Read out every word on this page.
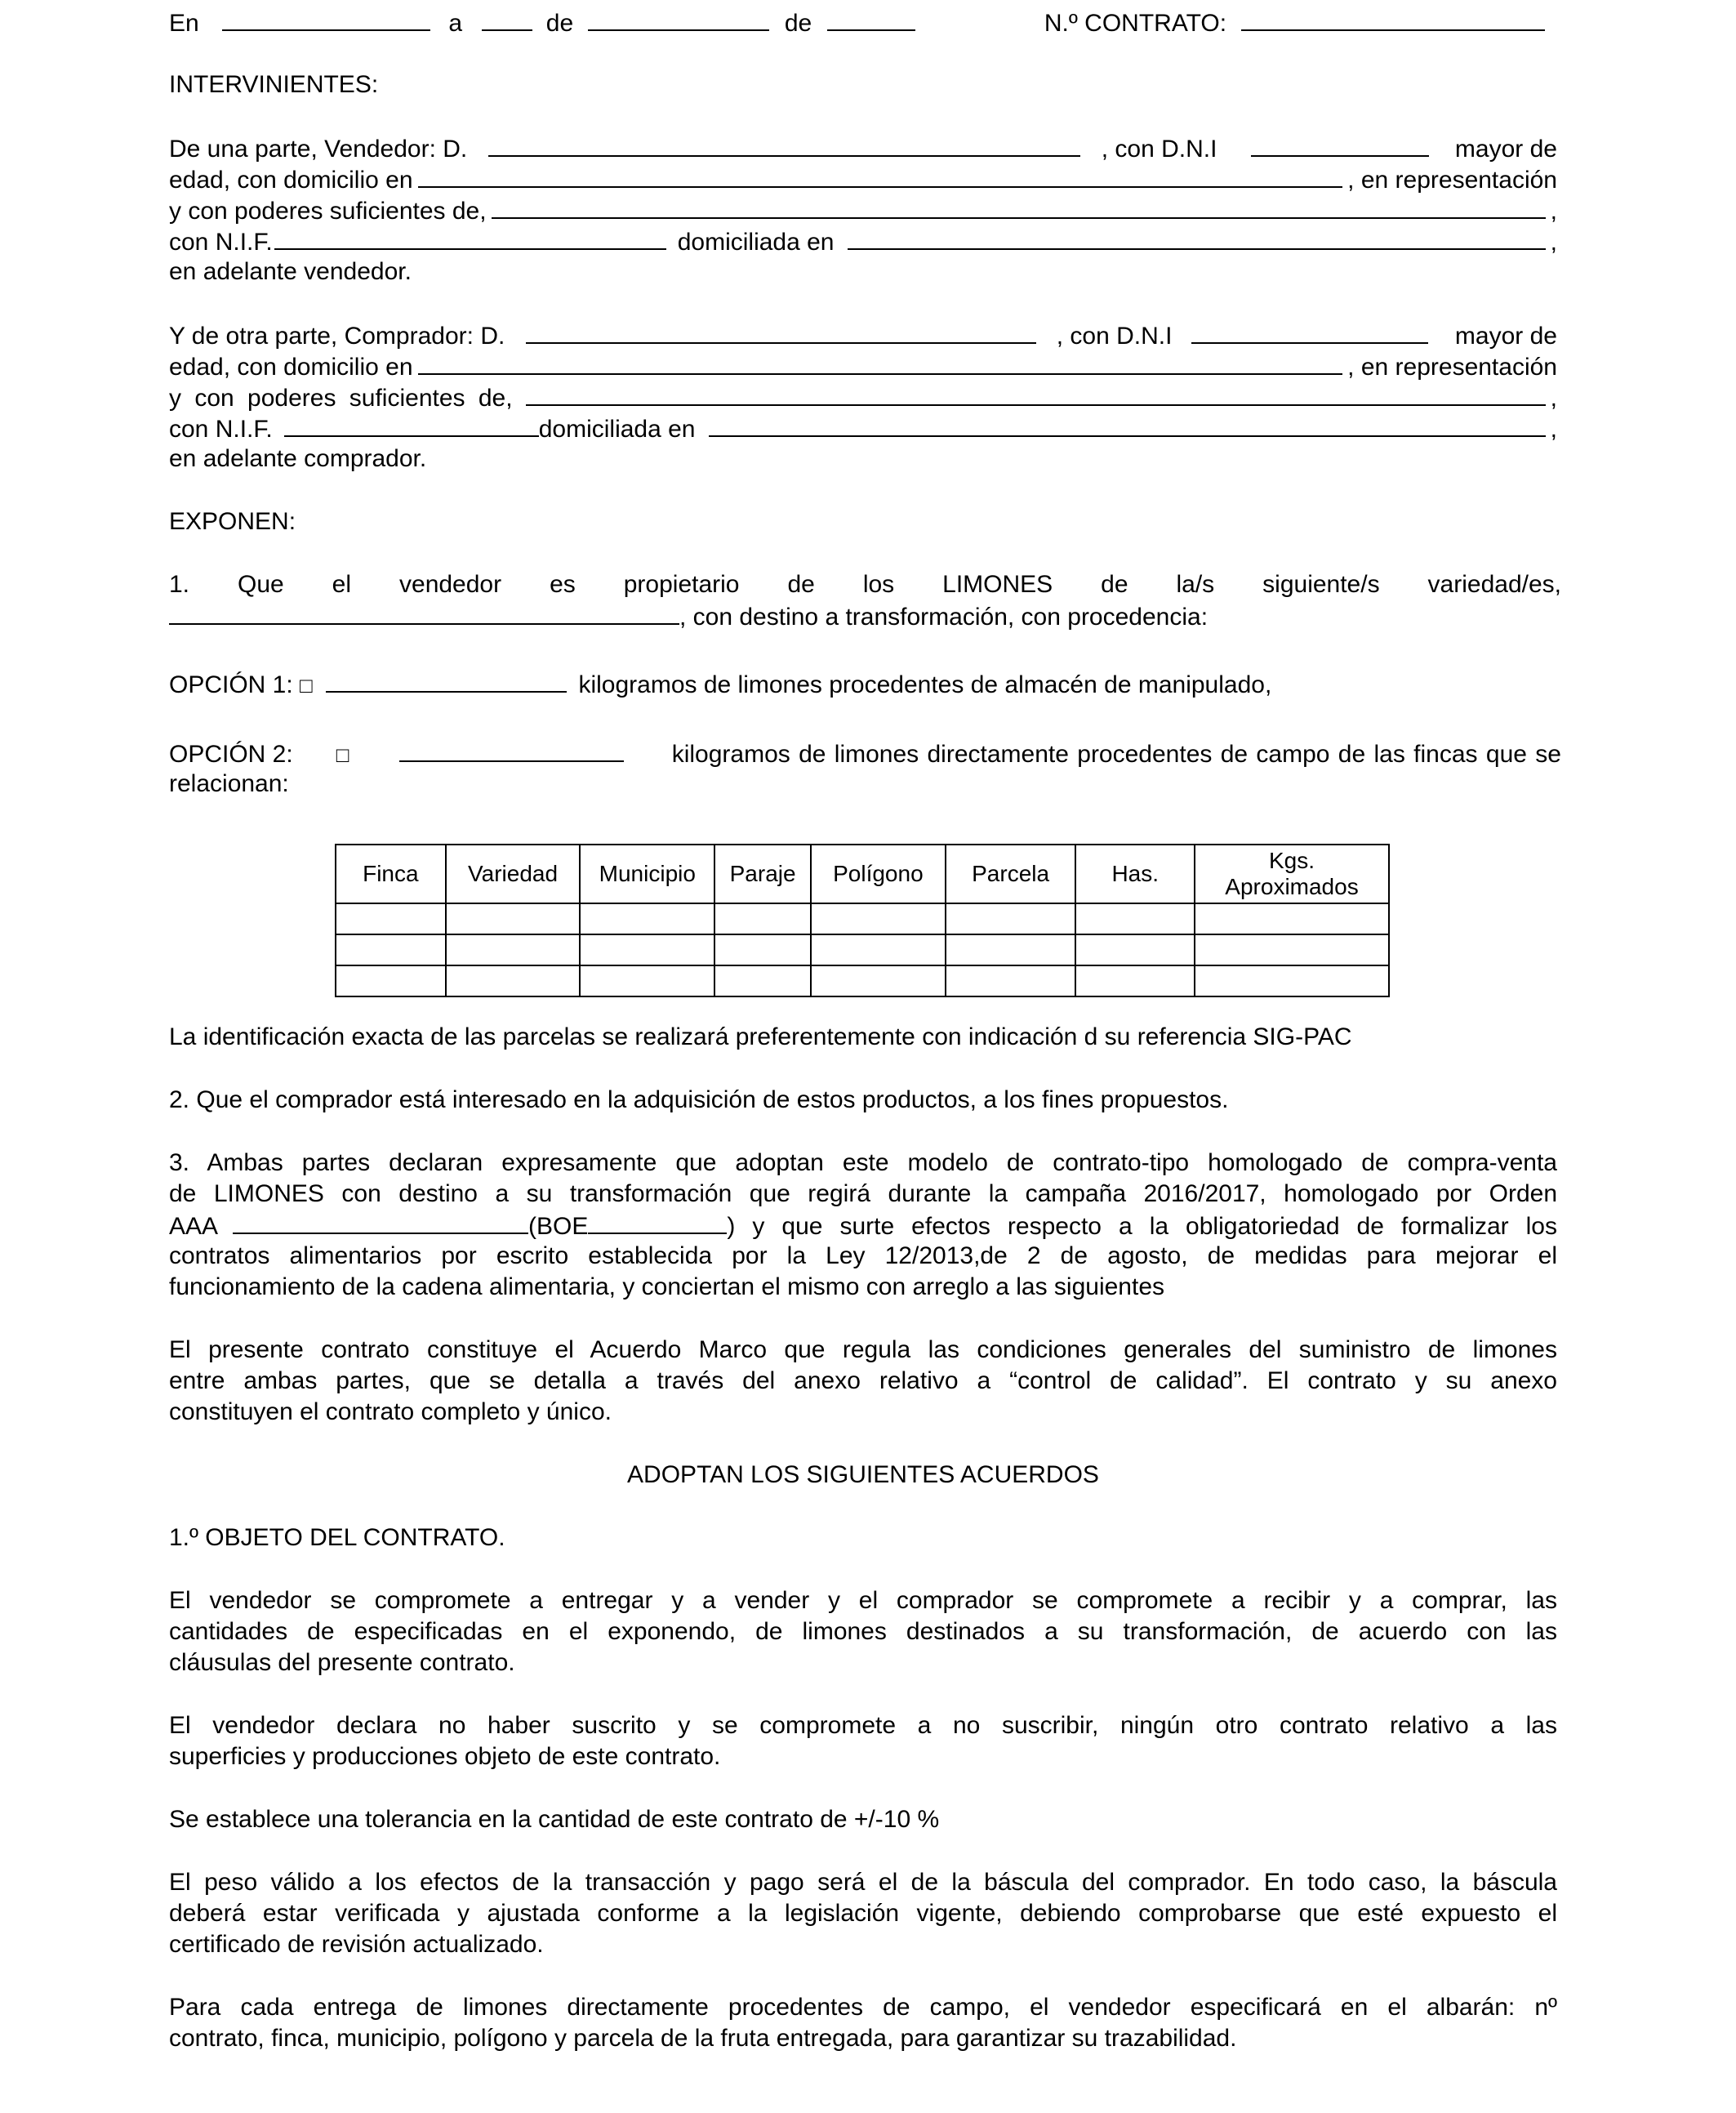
En	a	de	de	N.º CONTRATO:
INTERVINIENTES:
De una parte, Vendedor: D.	, con D.N.I	mayor de
edad, con domicilio en	, en representación
y con poderes suficientes de,	,
con N.I.F.	domiciliada en	,
en adelante vendedor.
Y de otra parte, Comprador: D.	, con D.N.I	mayor de
edad, con domicilio en	, en representación
y con poderes suficientes de,	,
con N.I.F.	domiciliada en	,
en adelante comprador.
EXPONEN:
1. Que el vendedor es propietario de los LIMONES de la/s siguiente/s variedad/es,
, con destino a transformación, con procedencia:
OPCIÓN 1: □	kilogramos de limones procedentes de almacén de manipulado,
OPCIÓN 2: □	kilogramos de limones directamente procedentes de campo de las fincas que se
relacionan:
Finca	Variedad	Municipio	Paraje	Polígono	Parcela	Has.	Kgs. Aproximados

La identificación exacta de las parcelas se realizará preferentemente con indicación d su referencia SIG-PAC
2. Que el comprador está interesado en la adquisición de estos productos, a los fines propuestos.
3. Ambas partes declaran expresamente que adoptan este modelo de contrato-tipo homologado de compra-venta
de LIMONES con destino a su transformación que regirá durante la campaña 2016/2017, homologado por Orden
AAA	(BOE	) y que surte efectos respecto a la obligatoriedad de formalizar los
contratos alimentarios por escrito establecida por la Ley 12/2013,de 2 de agosto, de medidas para mejorar el
funcionamiento de la cadena alimentaria, y conciertan el mismo con arreglo a las siguientes
El presente contrato constituye el Acuerdo Marco que regula las condiciones generales del suministro de limones
entre ambas partes, que se detalla a través del anexo relativo a “control de calidad”. El contrato y su anexo
constituyen el contrato completo y único.
ADOPTAN LOS SIGUIENTES ACUERDOS
1.º OBJETO DEL CONTRATO.
El vendedor se compromete a entregar y a vender y el comprador se compromete a recibir y a comprar, las
cantidades de especificadas en el exponendo, de limones destinados a su transformación, de acuerdo con las
cláusulas del presente contrato.
El vendedor declara no haber suscrito y se compromete a no suscribir, ningún otro contrato relativo a las
superficies y producciones objeto de este contrato.
Se establece una tolerancia en la cantidad de este contrato de +/-10 %
El peso válido a los efectos de la transacción y pago será el de la báscula del comprador. En todo caso, la báscula
deberá estar verificada y ajustada conforme a la legislación vigente, debiendo comprobarse que esté expuesto el
certificado de revisión actualizado.
Para cada entrega de limones directamente procedentes de campo, el vendedor especificará en el albarán: nº
contrato, finca, municipio, polígono y parcela de la fruta entregada, para garantizar su trazabilidad.
